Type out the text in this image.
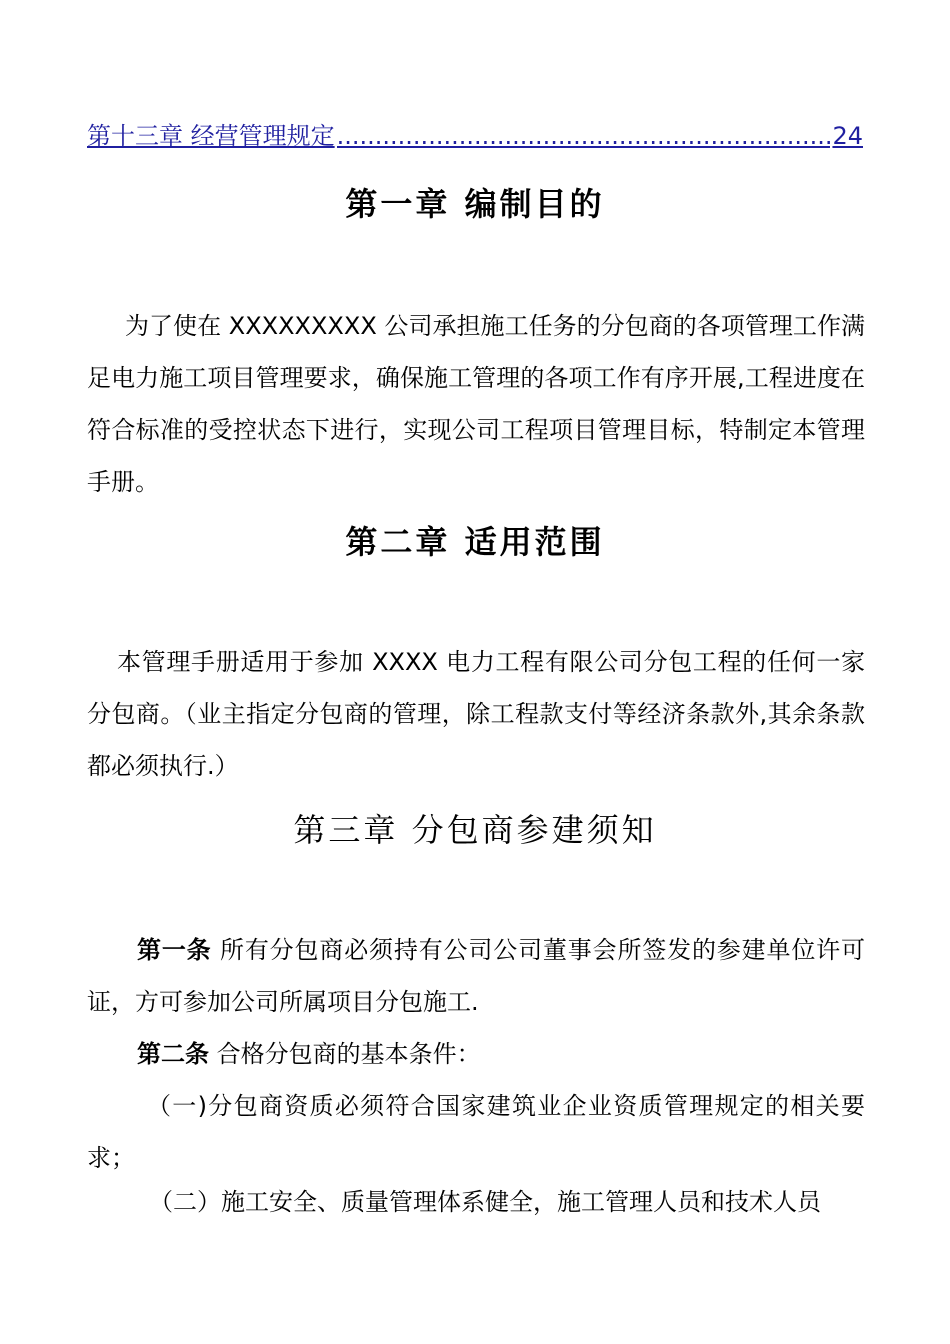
第十三章 经营管理规定
.....	24
第一章 编制目的

为了使在 XXXXXXXXX 公司承担施工任务的分包商的各项管理工作满足电力施工项目管理要求，确保施工管理的各项工作有序开展,工程进度在符合标准的受控状态下进行，实现公司工程项目管理目标，特制定本管理手册。

第二章 适用范围

本管理手册适用于参加 XXXX 电力工程有限公司分包工程的任何一家分包商。（业主指定分包商的管理，除工程款支付等经济条款外,其余条款都必须执行.）

第三章 分包商参建须知

第一条 所有分包商必须持有公司公司董事会所签发的参建单位许可证，方可参加公司所属项目分包施工.

第二条 合格分包商的基本条件：

（一)分包商资质必须符合国家建筑业企业资质管理规定的相关要求；

（二）施工安全、质量管理体系健全，施工管理人员和技术人员
